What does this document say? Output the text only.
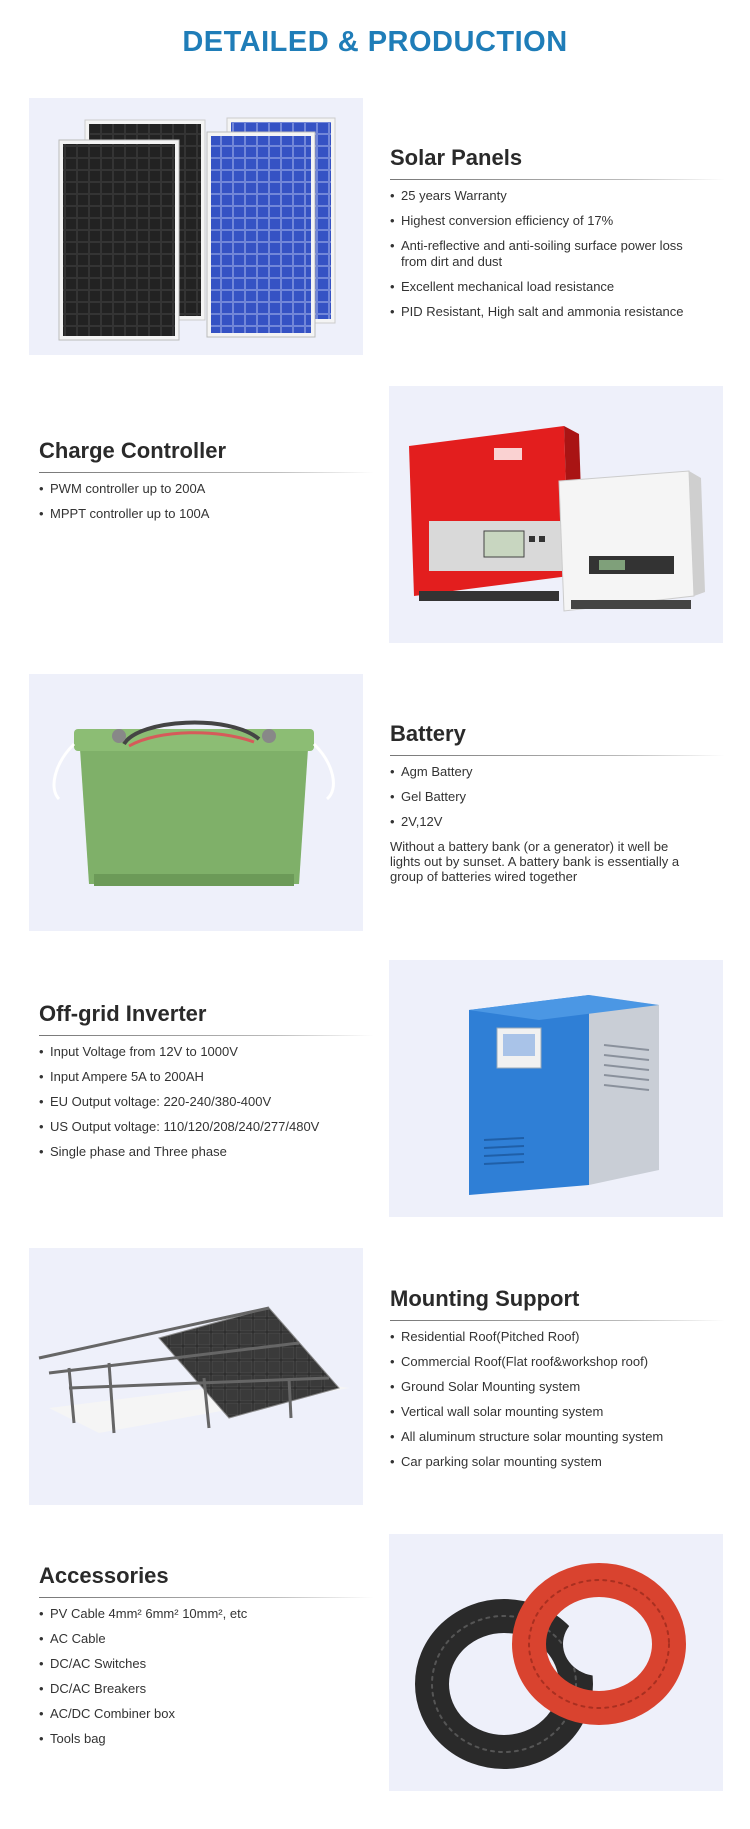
DETAILED & PRODUCTION
Solar Panels
• 25 years Warranty
• Highest conversion efficiency of 17%
• Anti-reflective and anti-soiling surface power loss from dirt and dust
• Excellent mechanical load resistance
• PID Resistant, High salt and ammonia resistance
Charge Controller
• PWM controller up to 200A
• MPPT controller up to 100A
Battery
• Agm Battery
• Gel Battery
• 2V,12V

Without a battery bank (or a generator) it well be lights out by sunset. A battery bank is essentially a group of batteries wired together

Off-grid Inverter
• Input Voltage from 12V to 1000V
• Input Ampere 5A to 200AH
• EU Output voltage: 220-240/380-400V
• US Output voltage: 110/120/208/240/277/480V
• Single phase and Three phase
Mounting Support
• Residential Roof(Pitched Roof)
• Commercial Roof(Flat roof&workshop roof)
• Ground Solar Mounting system
• Vertical wall solar mounting system
• All aluminum structure solar mounting system
• Car parking solar mounting system
Accessories
• PV Cable 4mm² 6mm² 10mm², etc
• AC Cable
• DC/AC Switches
• DC/AC Breakers
• AC/DC Combiner box
• Tools bag
